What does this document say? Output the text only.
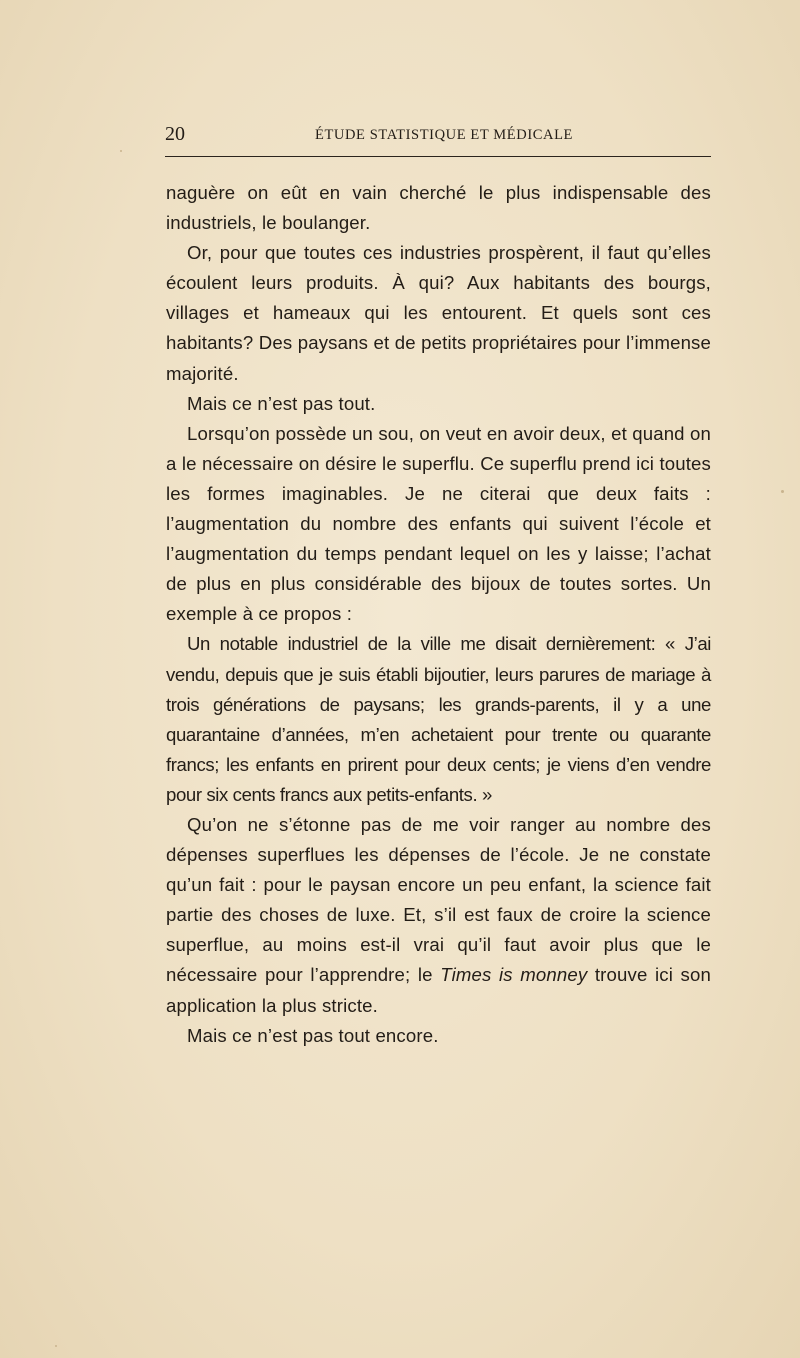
20	ÉTUDE STATISTIQUE ET MÉDICALE

naguère on eût en vain cherché le plus indispensable des industriels, le boulanger.

Or, pour que toutes ces industries prospèrent, il faut qu’elles écoulent leurs produits. À qui? Aux habitants des bourgs, villages et hameaux qui les entourent. Et quels sont ces habitants? Des paysans et de petits propriétaires pour l’immense majorité.

Mais ce n’est pas tout.

Lorsqu’on possède un sou, on veut en avoir deux, et quand on a le nécessaire on désire le superflu. Ce superflu prend ici toutes les formes imaginables. Je ne citerai que deux faits : l’augmentation du nombre des enfants qui suivent l’école et l’augmentation du temps pendant lequel on les y laisse; l’achat de plus en plus considérable des bijoux de toutes sortes. Un exemple à ce propos :

Un notable industriel de la ville me disait dernièrement: « J’ai vendu, depuis que je suis établi bijoutier, leurs parures de mariage à trois générations de paysans; les grands-parents, il y a une quarantaine d’années, m’en achetaient pour trente ou quarante francs; les enfants en prirent pour deux cents; je viens d’en vendre pour six cents francs aux petits-enfants. »

Qu’on ne s’étonne pas de me voir ranger au nombre des dépenses superflues les dépenses de l’école. Je ne constate qu’un fait : pour le paysan encore un peu enfant, la science fait partie des choses de luxe. Et, s’il est faux de croire la science superflue, au moins est-il vrai qu’il faut avoir plus que le nécessaire pour l’apprendre; le Times is monney trouve ici son application la plus stricte.

Mais ce n’est pas tout encore.
